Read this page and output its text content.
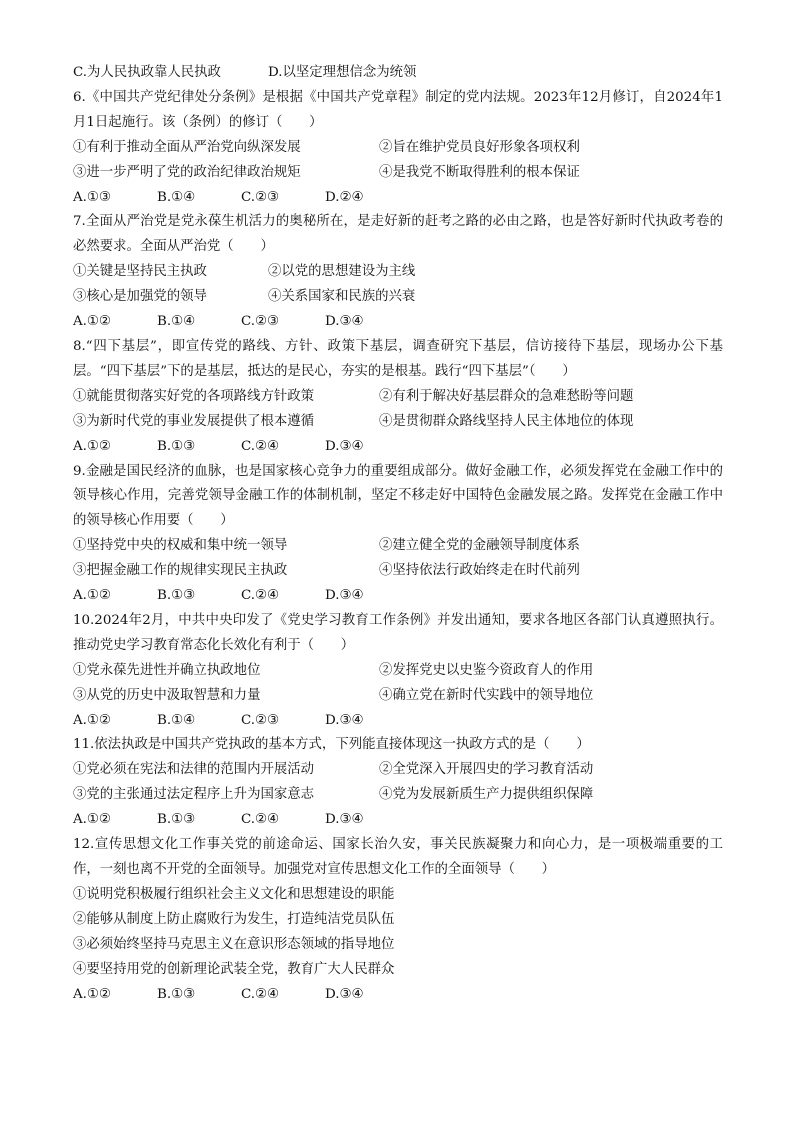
C.为人民执政靠人民执政	D.以坚定理想信念为统领
6.《中国共产党纪律处分条例》是根据《中国共产党章程》制定的党内法规。2023年12月修订，自2024年1月1日起施行。该（条例）的修订（　　）
①有利于推动全面从严治党向纵深发展	②旨在维护党员良好形象各项权利
③进一步严明了党的政治纪律政治规矩	④是我党不断取得胜利的根本保证
A.①③	B.①④	C.②③	D.②④
7.全面从严治党是党永葆生机活力的奥秘所在，是走好新的赶考之路的必由之路，也是答好新时代执政考卷的必然要求。全面从严治党（　　）
①关键是坚持民主执政	②以党的思想建设为主线
③核心是加强党的领导	④关系国家和民族的兴衰
A.①②	B.①④	C.②③	D.③④
8.“四下基层”，即宣传党的路线、方针、政策下基层，调查研究下基层，信访接待下基层，现场办公下基层。“四下基层”下的是基层，抵达的是民心，夯实的是根基。践行“四下基层”（　　）
①就能贯彻落实好党的各项路线方针政策	②有利于解决好基层群众的急难愁盼等问题
③为新时代党的事业发展提供了根本遵循	④是贯彻群众路线坚持人民主体地位的体现
A.①②	B.①③	C.②④	D.③④
9.金融是国民经济的血脉，也是国家核心竞争力的重要组成部分。做好金融工作，必须发挥党在金融工作中的领导核心作用，完善党领导金融工作的体制机制，坚定不移走好中国特色金融发展之路。发挥党在金融工作中的领导核心作用要（　　）
①坚持党中央的权威和集中统一领导	②建立健全党的金融领导制度体系
③把握金融工作的规律实现民主执政	④坚持依法行政始终走在时代前列
A.①②	B.①③	C.②④	D.③④
10.2024年2月，中共中央印发了《党史学习教育工作条例》并发出通知，要求各地区各部门认真遵照执行。推动党史学习教育常态化长效化有利于（　　）
①党永葆先进性并确立执政地位	②发挥党史以史鉴今资政育人的作用
③从党的历史中汲取智慧和力量	④确立党在新时代实践中的领导地位
A.①②	B.①④	C.②③	D.③④
11.依法执政是中国共产党执政的基本方式，下列能直接体现这一执政方式的是（　　）
①党必须在宪法和法律的范围内开展活动	②全党深入开展四史的学习教育活动
③党的主张通过法定程序上升为国家意志	④党为发展新质生产力提供组织保障
A.①②	B.①③	C.②④	D.③④
12.宣传思想文化工作事关党的前途命运、国家长治久安，事关民族凝聚力和向心力，是一项极端重要的工作，一刻也离不开党的全面领导。加强党对宣传思想文化工作的全面领导（　　）
①说明党积极履行组织社会主义文化和思想建设的职能
②能够从制度上防止腐败行为发生，打造纯洁党员队伍
③必须始终坚持马克思主义在意识形态领域的指导地位
④要坚持用党的创新理论武装全党，教育广大人民群众
A.①②	B.①③	C.②④	D.③④
